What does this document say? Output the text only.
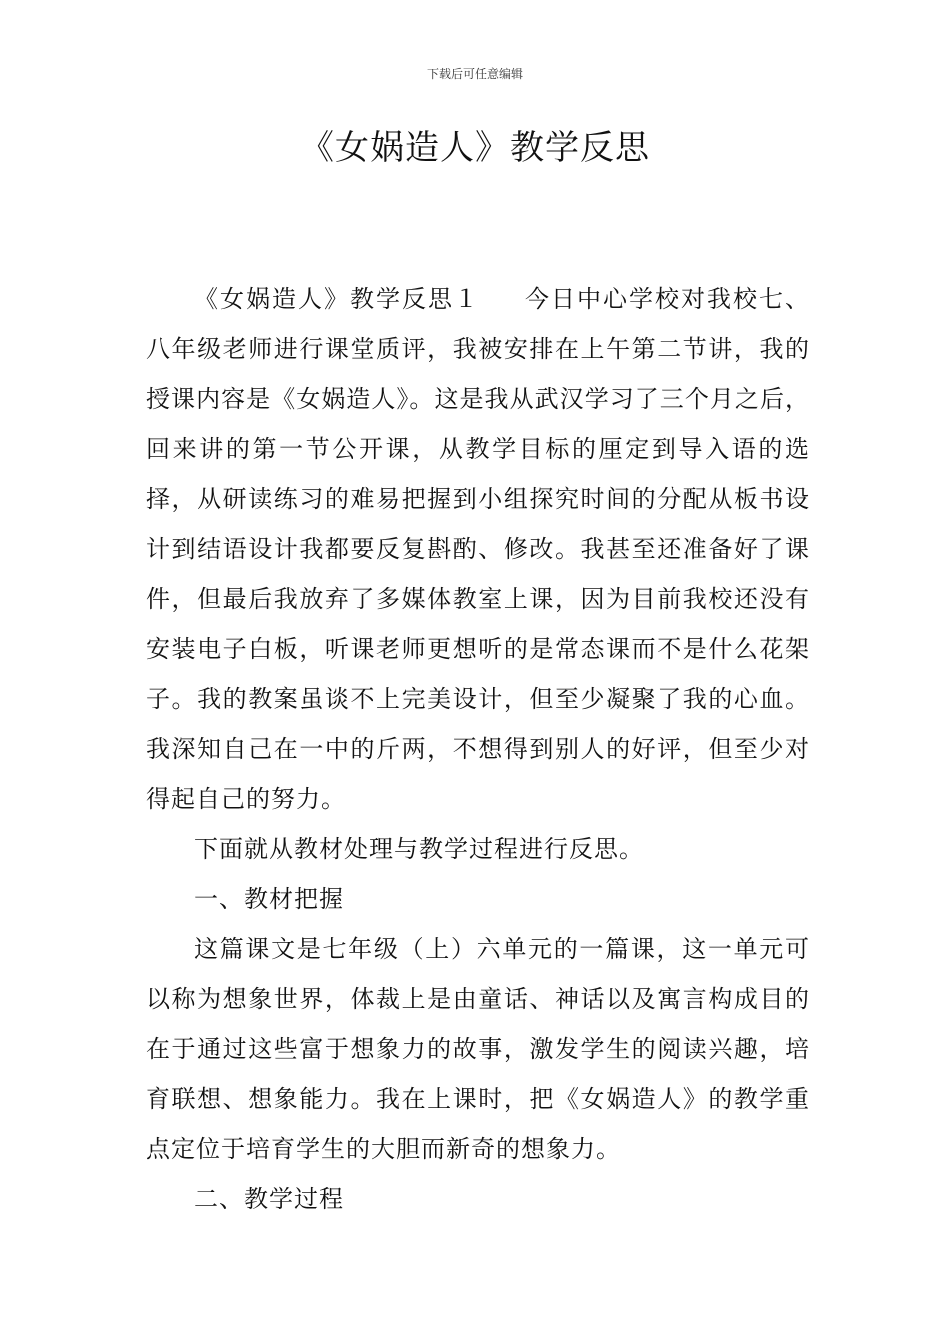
下载后可任意编辑
《女娲造人》教学反思

《女娲造人》教学反思１ 今日中心学校对我校七、八年级老师进行课堂质评，我被安排在上午第二节讲，我的授课内容是《女娲造人》。这是我从武汉学习了三个月之后，回来讲的第一节公开课，从教学目标的厘定到导入语的选择，从研读练习的难易把握到小组探究时间的分配从板书设计到结语设计我都要反复斟酌、修改。我甚至还准备好了课件，但最后我放弃了多媒体教室上课，因为目前我校还没有安装电子白板，听课老师更想听的是常态课而不是什么花架子。我的教案虽谈不上完美设计，但至少凝聚了我的心血。我深知自己在一中的斤两，不想得到别人的好评，但至少对得起自己的努力。

下面就从教材处理与教学过程进行反思。

一、教材把握

这篇课文是七年级（上）六单元的一篇课，这一单元可以称为想象世界，体裁上是由童话、神话以及寓言构成目的在于通过这些富于想象力的故事，激发学生的阅读兴趣，培育联想、想象能力。我在上课时，把《女娲造人》的教学重点定位于培育学生的大胆而新奇的想象力。

二、教学过程
